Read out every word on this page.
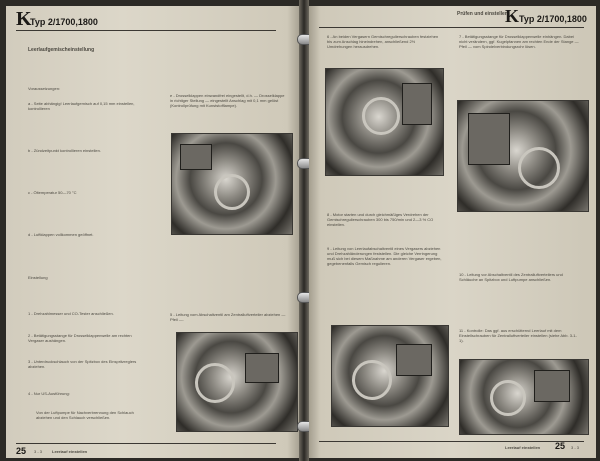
K
Typ 2/1700,1800
Leerlaufgemischeinstellung
Voraussetzungen:
a - Seite abhängig! Leerlaufgemisch auf 0,15 mm einstellen, kontrollieren
e - Drosselklappen einwandfrei eingestellt, d.h. — Drosselklappe in richtiger Stellung — eingestellt Anschlag mit 0,1 mm gelöst (Kontrollprüfung mit Kunststofflampe).
b - Zündzeitpunkt kontrollieren einstellen.
c - Öltemperatur 50—70 °C
d - Luftklappen vollkommen geöffnet.
Einstellung
1 - Drehzahlmesser und CO-Tester anschließen.	5 - Leitung vom Abschaltventil am Zentralluftverteiler abziehen — Pfeil —.
2 - Betätigungsstange für Drosselklappenwelle am rechten Vergaser aushängen.
3 - Unterdruckschlauch von der Spitzbox des Einspritzreglers abziehen.
4 - Nur US-Ausführung:
Von der Luftpumpe für Nachverbrennung den Schlauch abziehen und den Schlauch verschließen.
25 3 - 3 Leerlauf einstellen
Prüfen und einstellen
K Typ 2/1700,1800
6 - An beiden Vergasern Gemischregulierschrauben festziehen bis zum Anschlag hineindrehen, anschließend 2½ Umdrehungen herausdrehen.
7 - Betätigungsstange für Drosselklappenwelle einhängen. Dabei nicht verändern, ggf. Kugelpfannen am rechten Ende der Stange — Pfeil — vom Spindelverbindungsrohr lösen.
8 - Motor starten und durch gleichmäßiges Verdrehen der Gemischregulierschrauben 300 bis 750/min und 2—3 % CO einstellen.
9 - Leitung von Leerlaufabschaltventil eines Vergasers abziehen und Drehzahländerungen feststellen. Die gleiche Verringerung muß sich bei diesem Maßnahme am anderen Vergaser ergeben, gegebenenfalls Gemisch regulieren.
10 - Leitung vor Abschaltventil des Zentralluftverteilers und Schläuche an Spitzbox und Luftpumpe anschließen.
11 - Kontrolle: Das ggf. aus erschütternd Leerlauf mit dem Einstellschrauben für Zentralluftverteiler einstellen (siehe Abb. 3-1-1).
Leerlauf einstellen 25 3 - 3
